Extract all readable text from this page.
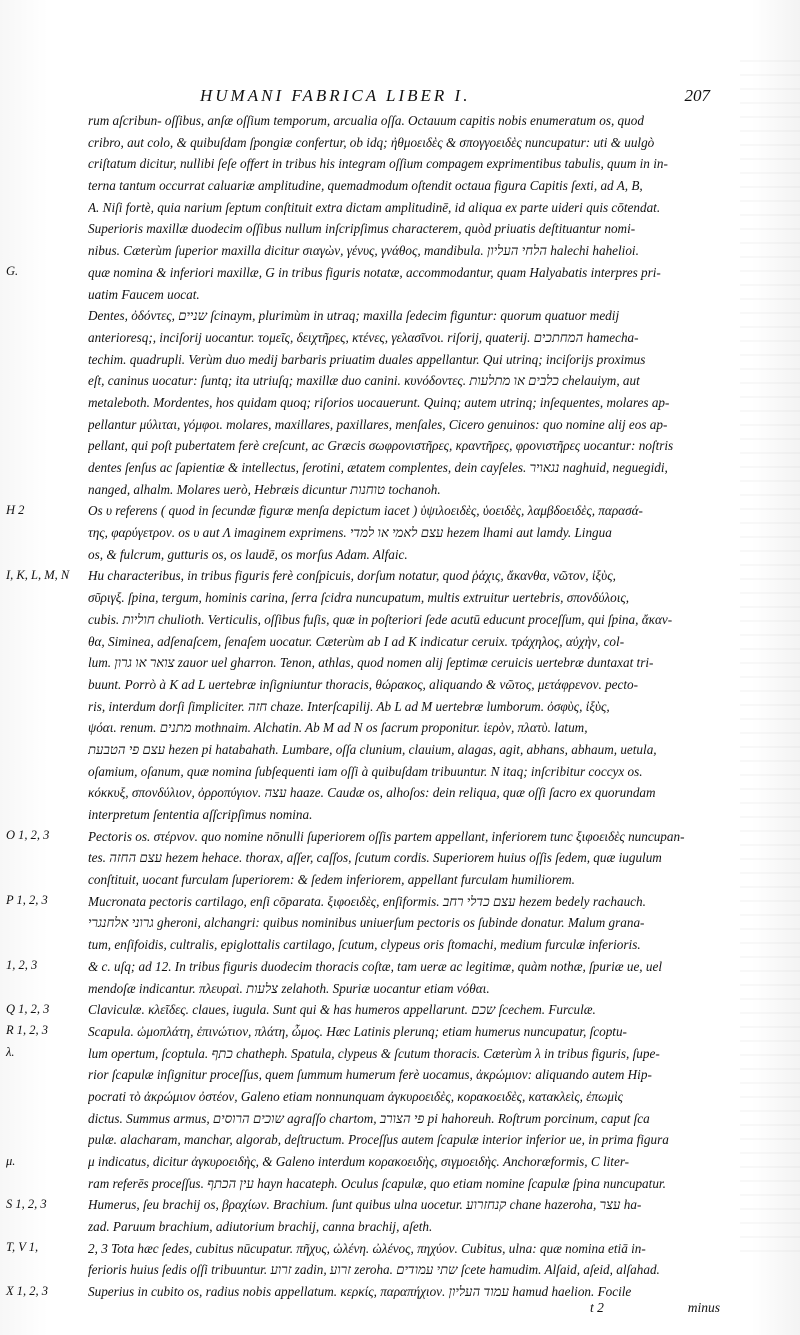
HUMANI FABRICA LIBER I.	207
G.
H 2
I, K, L, M, N
O 1, 2, 3
P 1, 2, 3
1, 2, 3
Q 1, 2, 3
R 1, 2, 3
λ.
μ.
S 1, 2, 3
T, V 1,
X 1, 2, 3
rum aſcribun- oſſibus, anſæ oſſium temporum, arcualia oſſa. Octauum capitis nobis enumeratum os, quod
cribro, aut colo, & quibuſdam ſpongiæ confertur, ob idq; ἠθμοειδὲς & σπογγοειδὲς nuncupatur: uti & uulgò
criſtatum dicitur, nullibi ſeſe offert in tribus his integram oſſium compagem exprimentibus tabulis, quum in in-
terna tantum occurrat caluariæ amplitudine, quemadmodum oſtendit octaua figura Capitis ſexti, ad A, B,
A. Niſi fortè, quia narium ſeptum conſtituit extra dictam amplitudinē, id aliqua ex parte uideri quis cōtendat.
Superioris maxillæ duodecim oſſibus nullum inſcripſimus characterem, quòd priuatis deſtituantur nomi-
nibus. Cæterùm ſuperior maxilla dicitur σιαγὼν, γένυς, γνάθος, mandibula. הלחי העליון halechi hahelioi.
quæ nomina & inferiori maxillæ, G in tribus figuris notatæ, accommodantur, quam Halyabatis interpres pri-
uatim Faucem uocat.
Dentes, ὀδόντες, שניים ſcinaym, plurimùm in utraq; maxilla ſedecim figuntur: quorum quatuor medij
anterioresq;, inciſorij uocantur. τομεῖς, δειχτῆρες, κτένες, γελασῖνοι. riſorij, quaterij. המחתכים hamecha-
techim. quadrupli. Verùm duo medij barbaris priuatim duales appellantur. Qui utrinq; inciſorijs proximus
eſt, caninus uocatur: ſuntq; ita utriuſq; maxillæ duo canini. κυνόδοντες. כלבים או מתלעות chelauiym, aut
metaleboth. Mordentes, hos quidam quoq; riſorios uocauerunt. Quinq; autem utrinq; inſequentes, molares ap-
pellantur μύλιται, γόμφοι. molares, maxillares, paxillares, menſales, Cicero genuinos: quo nomine alij eos ap-
pellant, qui poſt pubertatem ferè creſcunt, ac Græcis σωφρονιστῆρες, κραντῆρες, φρονιστῆρες uocantur: noſtris
dentes ſenſus ac ſapientiæ & intellectus, ſerotini, ætatem complentes, dein cayſeles. נגאויר naghuid, neguegidi,
nanged, alhalm. Molares uerò, Hebræis dicuntur טוחנות tochanoh.
Os υ referens ( quod in ſecundæ figuræ menſa depictum iacet ) ὑψιλοειδὲς, ὑοειδὲς, λαμβδοειδὲς, παρασά-
της, φαρύγετρον. os υ aut Λ imaginem exprimens. עצם לאמי או למדי hezem lhami aut lamdy. Lingua
os, & fulcrum, gutturis os, os laudē, os morſus Adam. Alfaic.
Hu characteribus, in tribus figuris ferè conſpicuis, dorſum notatur, quod ῥάχις, ἄκανθα, νῶτον, ἰξὺς,
σῦριγξ. ſpina, tergum, hominis carina, ſerra ſcidra nuncupatum, multis extruitur uertebris, σπονδύλοις,
cubis. חוליות chulioth. Verticulis, oſſibus fuſis, quæ in poſteriori ſede acutū educunt proceſſum, qui ſpina, ἄκαν-
θα, Siminea, adſenaſcem, ſenaſem uocatur. Cæterùm ab I ad K indicatur ceruix. τράχηλος, αὐχὴν, col-
lum. צואר או גרון zauor uel gharron. Tenon, athlas, quod nomen alij ſeptimæ ceruicis uertebræ duntaxat tri-
buunt. Porrò à K ad L uertebræ inſigniuntur thoracis, θώρακος, aliquando & νῶτος, μετάφρενον. pecto-
ris, interdum dorſi ſimpliciter. חזה chaze. Interſcapilij. Ab L ad M uertebræ lumborum. ὀσφὺς, ἰξὺς,
ψόαι. renum. מתנים mothnaim. Alchatin. Ab M ad N os ſacrum proponitur. ἱερὸν, πλατὺ. latum,
עצם פי הטבעת hezen pi hatabahath. Lumbare, oſſa clunium, clauium, alagas, agit, abhans, abhaum, uetula,
oſamium, oſanum, quæ nomina ſubſequenti iam oſſi à quibuſdam tribuuntur. N itaq; inſcribitur coccyx os.
κόκκυξ, σπονδύλιον, ὀρροπύγιον. עצה haaze. Caudæ os, alhoſos: dein reliqua, quæ oſſi ſacro ex quorundam
interpretum ſententia aſſcripſimus nomina.
Pectoris os. στέρνον. quo nomine nōnulli ſuperiorem oſſis partem appellant, inferiorem tunc ξιφοειδὲς nuncupan-
tes. עצם החזה hezem hehace. thorax, aſſer, caſſos, ſcutum cordis. Superiorem huius oſſis ſedem, quæ iugulum
conſtituit, uocant furculam ſuperiorem: & ſedem inferiorem, appellant furculam humiliorem.
Mucronata pectoris cartilago, enſi cōparata. ξιφοειδὲς, enſiformis. עצם כדלי רחב hezem bedely rachauch.
גרוני אלחנגרי gheroni, alchangri: quibus nominibus uniuerſum pectoris os ſubinde donatur. Malum grana-
tum, enſifoidis, cultralis, epiglottalis cartilago, ſcutum, clypeus oris ſtomachi, medium furculæ inferioris.
& c. uſq; ad 12. In tribus figuris duodecim thoracis coſtæ, tam ueræ ac legitimæ, quàm nothæ, ſpuriæ ue, uel
mendoſæ indicantur. πλευραὶ. צלעות zelahoth. Spuriæ uocantur etiam νόθαι.
Claviculæ. κλεῖδες. claues, iugula. Sunt qui & has humeros appellarunt. שכם ſcechem. Furculæ.
Scapula. ὠμοπλάτη, ἐπινώτιον, πλάτη, ὦμος. Hæc Latinis plerunq; etiam humerus nuncupatur, ſcoptu-
lum opertum, ſcoptula. כתף chatheph. Spatula, clypeus & ſcutum thoracis. Cæterùm λ in tribus figuris, ſupe-
rior ſcapulæ inſignitur proceſſus, quem ſummum humerum ferè uocamus, ἀκρώμιον: aliquando autem Hip-
pocrati τὸ ἀκρώμιον ὀστέον, Galeno etiam nonnunquam ἀγκυροειδὲς, κορακοειδὲς, κατακλεὶς, ἐπωμὶς
dictus. Summus armus, שוכים הרוסים agraſſo chartom, פי הצורב pi hahoreuh. Roſtrum porcinum, caput ſca
pulæ. alacharam, manchar, algorab, deſtructum. Proceſſus autem ſcapulæ interior inferior ue, in prima figura
μ indicatus, dicitur ἀγκυροειδὴς, & Galeno interdum κορακοειδὴς, σιγμοειδὴς. Anchoræformis, C liter-
ram referēs proceſſus. עין הכתף hayn hacateph. Oculus ſcapulæ, quo etiam nomine ſcapulæ ſpina nuncupatur.
Humerus, ſeu brachij os, βραχίων. Brachium. ſunt quibus ulna uocetur. קנחזרוע chane hazeroha, עצר ha-
zad. Paruum brachium, adiutorium brachij, canna brachij, aſeth.
2, 3 Tota hæc ſedes, cubitus nūcupatur. πῆχυς, ὠλένη. ὠλένος, πηχύον. Cubitus, ulna: quæ nomina etiā in-
ferioris huius ſedis oſſi tribuuntur. זרוע zadin, זרוע zeroha. שתי עמודים ſcete hamudim. Alſaid, aſeid, alſahad.
Superius in cubito os, radius nobis appellatum. κερκίς, παραπήχιον. עמוד העליון hamud haelion. Focile
t 2	minus
